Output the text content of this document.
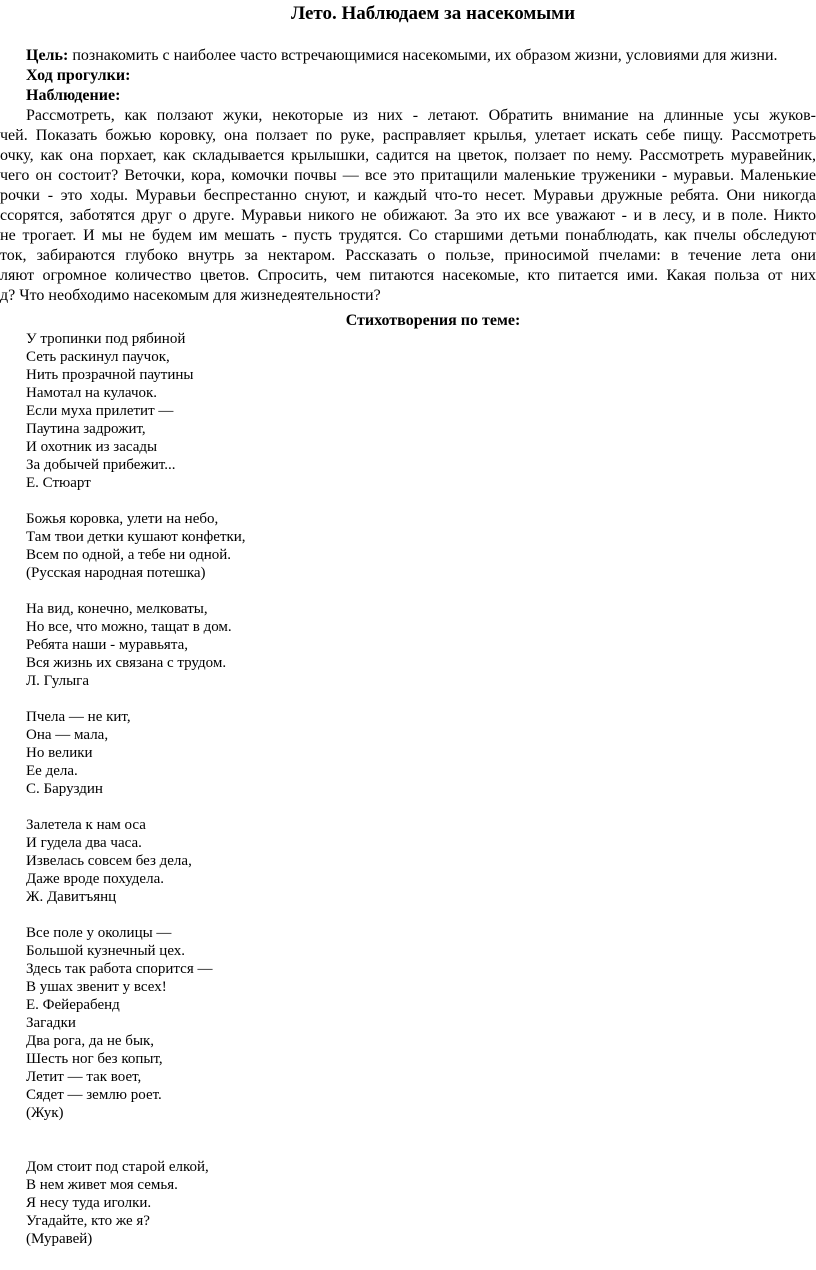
Лето. Наблюдаем за насекомыми
Цель: познакомить с наиболее часто встречающимися насекомыми, их образом жизни, условиями для жизни.
Ход прогулки:
Наблюдение:
Рассмотреть, как ползают жуки, некоторые из них - летают. Обратить внимание на длинные усы жуков-
чей. Показать божью коровку, она ползает по руке, расправляет крылья, улетает искать себе пищу. Рассмотреть
очку, как она порхает, как складывается крылышки, садится на цветок, ползает по нему. Рассмотреть муравейник,
чего он состоит? Веточки, кора, комочки почвы — все это притащили маленькие труженики - муравьи. Маленькие
рочки - это ходы. Муравьи беспрестанно снуют, и каждый что-то несет. Муравьи дружные ребята. Они никогда
ссорятся, заботятся друг о друге. Муравьи никого не обижают. За это их все уважают - и в лесу, и в поле. Никто
не трогает. И мы не будем им мешать - пусть трудятся. Со старшими детьми понаблюдать, как пчелы обследуют
ток, забираются глубоко внутрь за нектаром. Рассказать о пользе, приносимой пчелами: в течение лета они
ляют огромное количество цветов. Спросить, чем питаются насекомые, кто питается ими. Какая польза от них
д? Что необходимо насекомым для жизнедеятельности?
Стихотворения по теме:
У тропинки под рябиной
Сеть раскинул паучок,
Нить прозрачной паутины
Намотал на кулачок.
Если муха прилетит —
Паутина задрожит,
И охотник из засады
За добычей прибежит...
Е. Стюарт
Божья коровка, улети на небо,
Там твои детки кушают конфетки,
Всем по одной, а тебе ни одной.
(Русская народная потешка)
На вид, конечно, мелковаты,
Но все, что можно, тащат в дом.
Ребята наши - муравьята,
Вся жизнь их связана с трудом.
Л. Гулыга
Пчела — не кит,
Она — мала,
Но велики
Ее дела.
С. Баруздин
Залетела к нам оса
И гудела два часа.
Извелась совсем без дела,
Даже вроде похудела.
Ж. Давитъянц
Все поле у околицы —
Большой кузнечный цех.
Здесь так работа спорится —
В ушах звенит у всех!
Е. Фейерабенд
Загадки
Два рога, да не бык,
Шесть ног без копыт,
Летит — так воет,
Сядет — землю роет.
(Жук)
Дом стоит под старой елкой,
В нем живет моя семья.
Я несу туда иголки.
Угадайте, кто же я?
(Муравей)
